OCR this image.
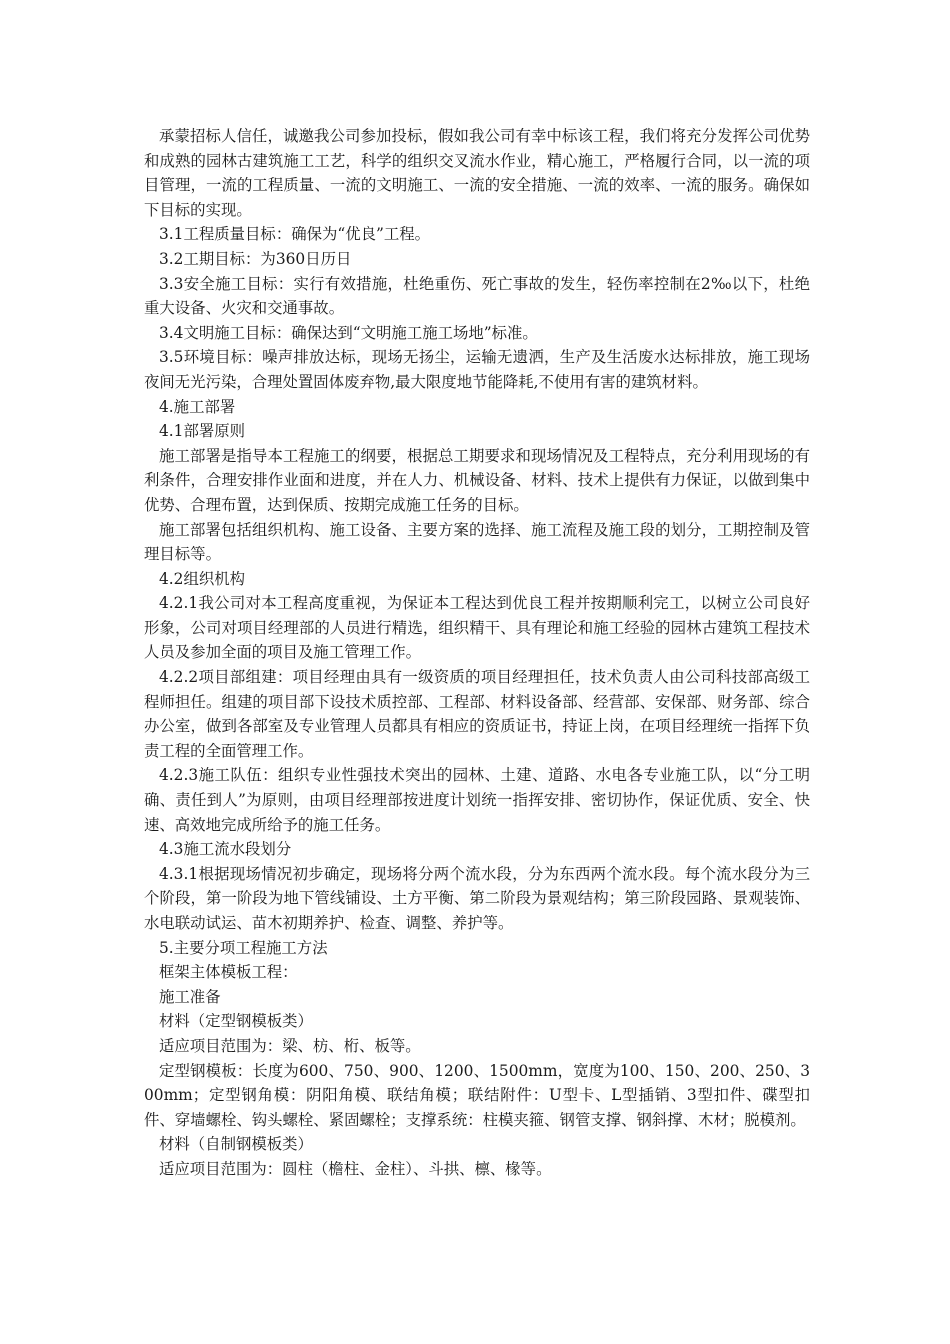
承蒙招标人信任，诚邀我公司参加投标，假如我公司有幸中标该工程，我们将充分发挥公司优势和成熟的园林古建筑施工工艺，科学的组织交叉流水作业，精心施工，严格履行合同，以一流的项目管理，一流的工程质量、一流的文明施工、一流的安全措施、一流的效率、一流的服务。确保如下目标的实现。

3.1工程质量目标：确保为“优良”工程。

3.2工期目标：为360日历日

3.3安全施工目标：实行有效措施，杜绝重伤、死亡事故的发生，轻伤率控制在2‰以下，杜绝重大设备、火灾和交通事故。

3.4文明施工目标：确保达到“文明施工施工场地”标准。

3.5环境目标：噪声排放达标，现场无扬尘，运输无遗洒，生产及生活废水达标排放，施工现场夜间无光污染，合理处置固体废弃物,最大限度地节能降耗,不使用有害的建筑材料。

4.施工部署

4.1部署原则

施工部署是指导本工程施工的纲要，根据总工期要求和现场情况及工程特点，充分利用现场的有利条件，合理安排作业面和进度，并在人力、机械设备、材料、技术上提供有力保证，以做到集中优势、合理布置，达到保质、按期完成施工任务的目标。

施工部署包括组织机构、施工设备、主要方案的选择、施工流程及施工段的划分，工期控制及管理目标等。

4.2组织机构

4.2.1我公司对本工程高度重视，为保证本工程达到优良工程并按期顺利完工，以树立公司良好形象，公司对项目经理部的人员进行精选，组织精干、具有理论和施工经验的园林古建筑工程技术人员及参加全面的项目及施工管理工作。

4.2.2项目部组建：项目经理由具有一级资质的项目经理担任，技术负责人由公司科技部高级工程师担任。组建的项目部下设技术质控部、工程部、材料设备部、经营部、安保部、财务部、综合办公室，做到各部室及专业管理人员都具有相应的资质证书，持证上岗，在项目经理统一指挥下负责工程的全面管理工作。

4.2.3施工队伍：组织专业性强技术突出的园林、土建、道路、水电各专业施工队，以“分工明确、责任到人”为原则，由项目经理部按进度计划统一指挥安排、密切协作，保证优质、安全、快速、高效地完成所给予的施工任务。

4.3施工流水段划分

4.3.1根据现场情况初步确定，现场将分两个流水段，分为东西两个流水段。每个流水段分为三个阶段，第一阶段为地下管线铺设、土方平衡、第二阶段为景观结构；第三阶段园路、景观装饰、水电联动试运、苗木初期养护、检查、调整、养护等。

5.主要分项工程施工方法

框架主体模板工程：

施工准备

材料（定型钢模板类）

适应项目范围为：梁、枋、桁、板等。

定型钢模板：长度为600、750、900、1200、1500mm，宽度为100、150、200、250、300mm；定型钢角模：阴阳角模、联结角模；联结附件：U型卡、L型插销、3型扣件、碟型扣件、穿墙螺栓、钩头螺栓、紧固螺栓；支撑系统：柱模夹箍、钢管支撑、钢斜撑、木材；脱模剂。

材料（自制钢模板类）

适应项目范围为：圆柱（檐柱、金柱）、斗拱、檩、椽等。
